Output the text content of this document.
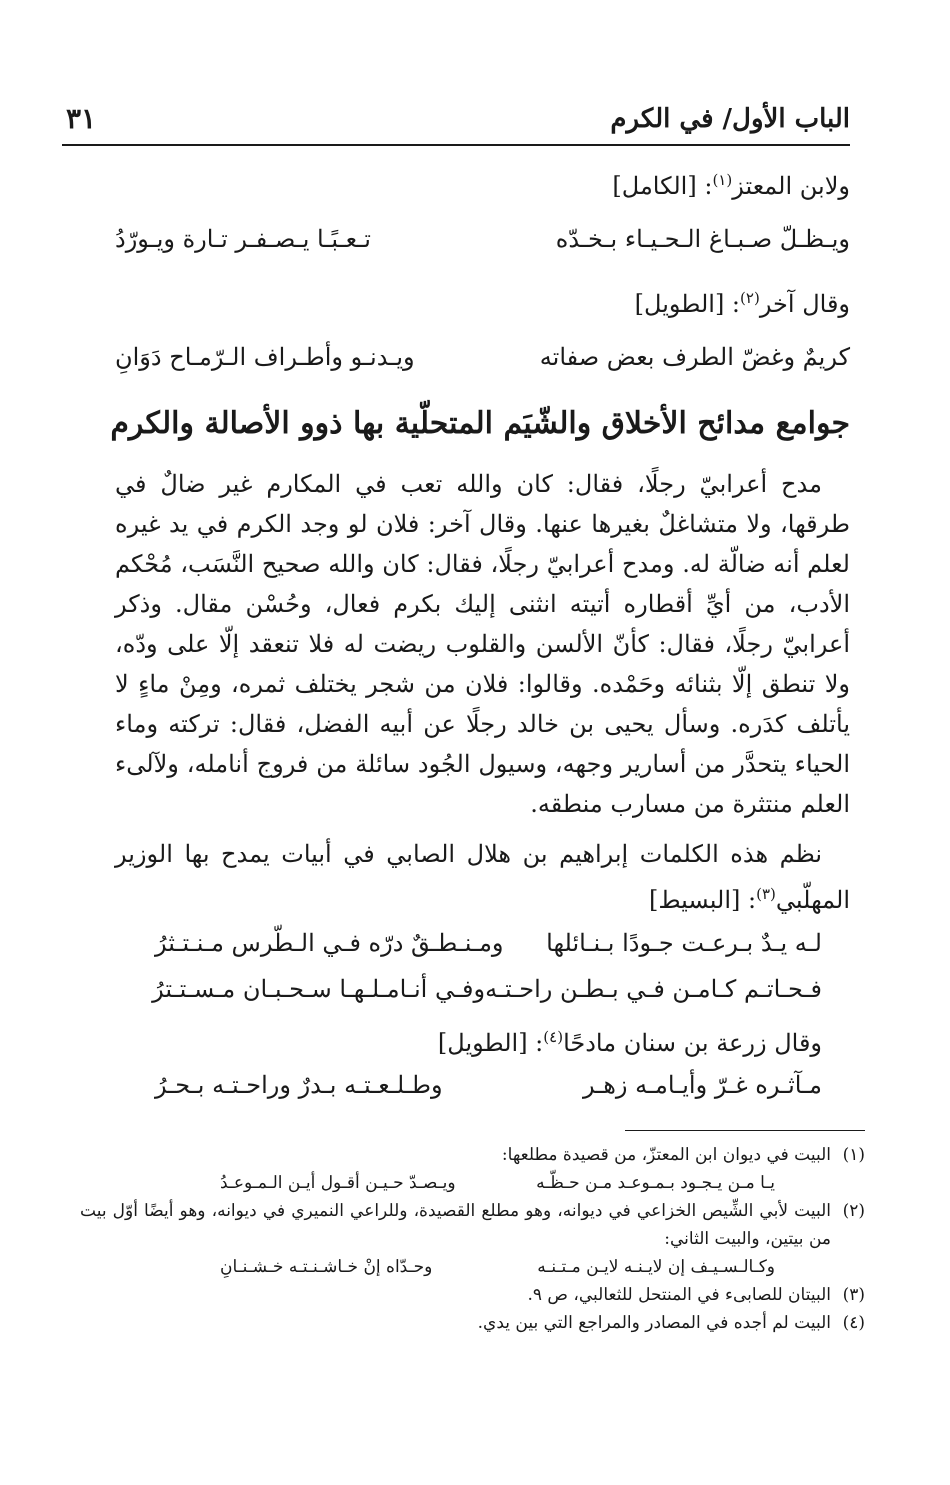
الباب الأول/ في الكرم
٣١
ولابن المعتز$^{(١)}$: [الكامل]
ويـظـلّ صـبـاغ الـحـيـاء بـخـدّه
تـعـبًـا يـصـفـر تـارة ويـورّدُ
وقال آخر$^{(٢)}$: [الطويل]
كريمٌ وغضّ الطرف بعض صفاته
ويـدنـو وأطـراف الـرّمـاح دَوَانِ
جوامع مدائح الأخلاق والشّيَم المتحلّية بها ذوو الأصالة والكرم

مدح أعرابيّ رجلًا، فقال: كان والله تعب في المكارم غير ضالٌ في طرقها، ولا متشاغلٌ بغيرها عنها. وقال آخر: فلان لو وجد الكرم في يد غيره لعلم أنه ضالّة له. ومدح أعرابيّ رجلًا، فقال: كان والله صحيح النَّسَب، مُحْكم الأدب، من أيِّ أقطاره أتيته انثنى إليك بكرم فعال، وحُسْن مقال. وذكر أعرابيّ رجلًا، فقال: كأنّ الألسن والقلوب ريضت له فلا تنعقد إلّا على ودّه، ولا تنطق إلّا بثنائه وحَمْده. وقالوا: فلان من شجر يختلف ثمره، ومِنْ ماءٍ لا يأتلف كدَره. وسأل يحيى بن خالد رجلًا عن أبيه الفضل، فقال: تركته وماء الحياء يتحدَّر من أسارير وجهه، وسيول الجُود سائلة من فروج أنامله، ولآلىء العلم منتثرة من مسارب منطقه.

نظم هذه الكلمات إبراهيم بن هلال الصابي في أبيات يمدح بها الوزير المهلّبي$^{(٣)}$: [البسيط]

لـه يـدٌ بـرعـت جـودًا بـنـائلها
ومـنـطـقٌ درّه فـي الـطّرس مـنـتـثرُ
فـحـاتـم كـامـن فـي بـطـن راحـتـه
وفـي أنـامـلـهـا سـحـبـان مـسـتـترُ
وقال زرعة بن سنان مادحًا$^{(٤)}$: [الطويل]
مـآثـره غـرّ وأيـامـه زهـر
وطـلـعـتـه بـدرٌ وراحـتـه بـحـرُ
(١)
البيت في ديوان ابن المعتزّ، من قصيدة مطلعها:
يـا مـن يـجـود بـمـوعـد مـن حـظّـه
ويـصـدّ حـيـن أقـول أيـن الـمـوعـدُ
(٢)
البيت لأبي الشِّيص الخزاعي في ديوانه، وهو مطلع القصيدة، وللراعي النميري في ديوانه، وهو أيضًا أوّل بيت من بيتين، والبيت الثاني:
وكـالـسـيـف إن لايـنـه لايـن مـتـنـه
وحـدّاه إنْ خـاشـنـتـه خـشـنـانِ
(٣)
البيتان للصابىء في المنتحل للثعالبي، ص ٩.
(٤)
البيت لم أجده في المصادر والمراجع التي بين يدي.
